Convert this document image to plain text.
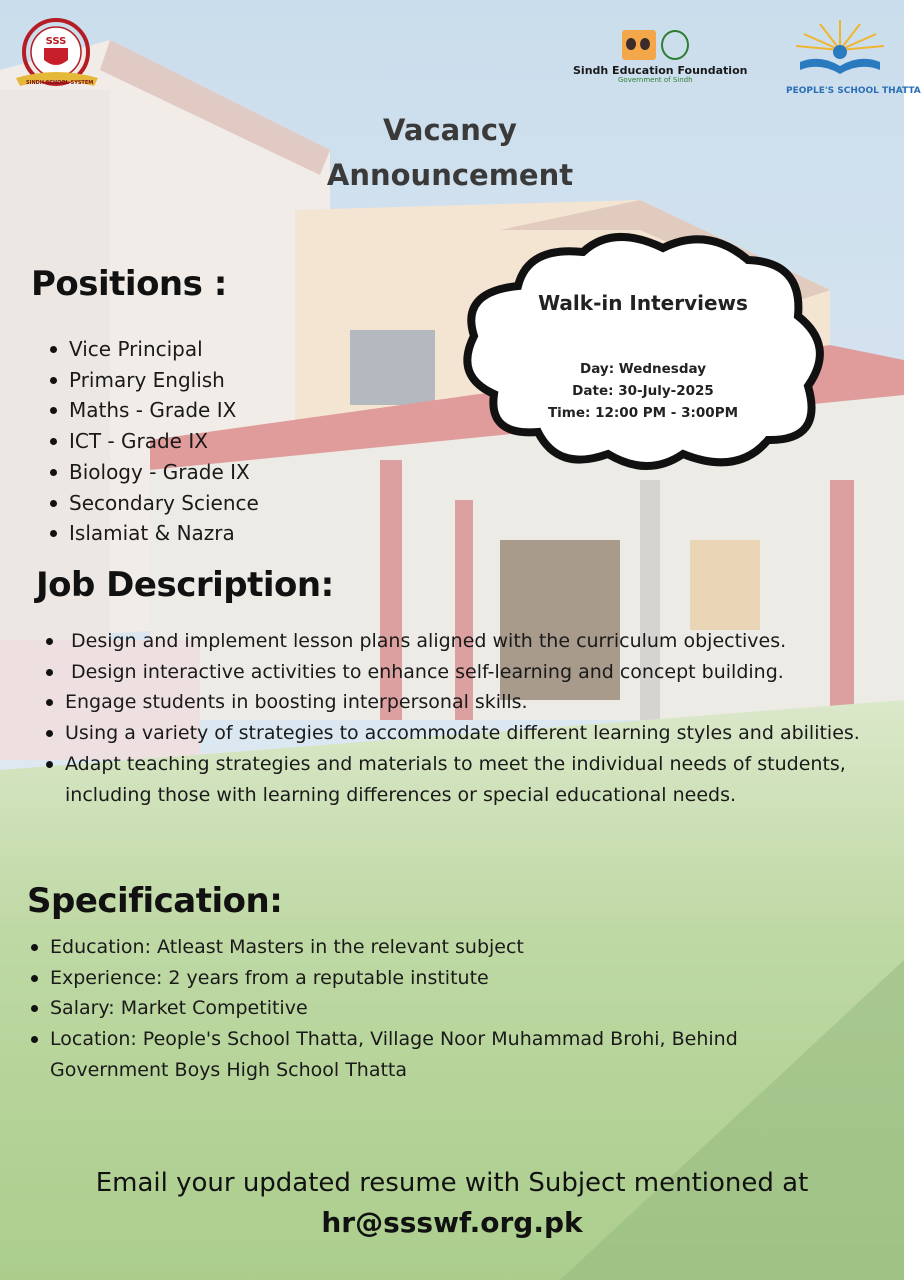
SSS
SINDH SCHOOL SYSTEM
Sindh Education Foundation
Government of Sindh
PEOPLE'S SCHOOL THATTA
Vacancy
Announcement
Positions :
Vice Principal
Primary English
Maths - Grade IX
ICT - Grade IX
Biology - Grade IX
Secondary Science
Islamiat & Nazra
Walk-in Interviews
Day: Wednesday
Date: 30-July-2025
Time: 12:00 PM - 3:00PM
Job Description:
Design and implement lesson plans aligned with the curriculum objectives.
Design interactive activities to enhance self-learning and concept building.
Engage students in boosting interpersonal skills.
Using a variety of strategies to accommodate different learning styles and abilities.
Adapt teaching strategies and materials to meet the individual needs of students, including those with learning differences or special educational needs.
Specification:
Education: Atleast Masters in the relevant subject
Experience: 2 years from a reputable institute
Salary: Market Competitive
Location: People's School Thatta, Village Noor Muhammad Brohi, Behind Government Boys High School Thatta
Email your updated resume with Subject mentioned at
hr@ssswf.org.pk
